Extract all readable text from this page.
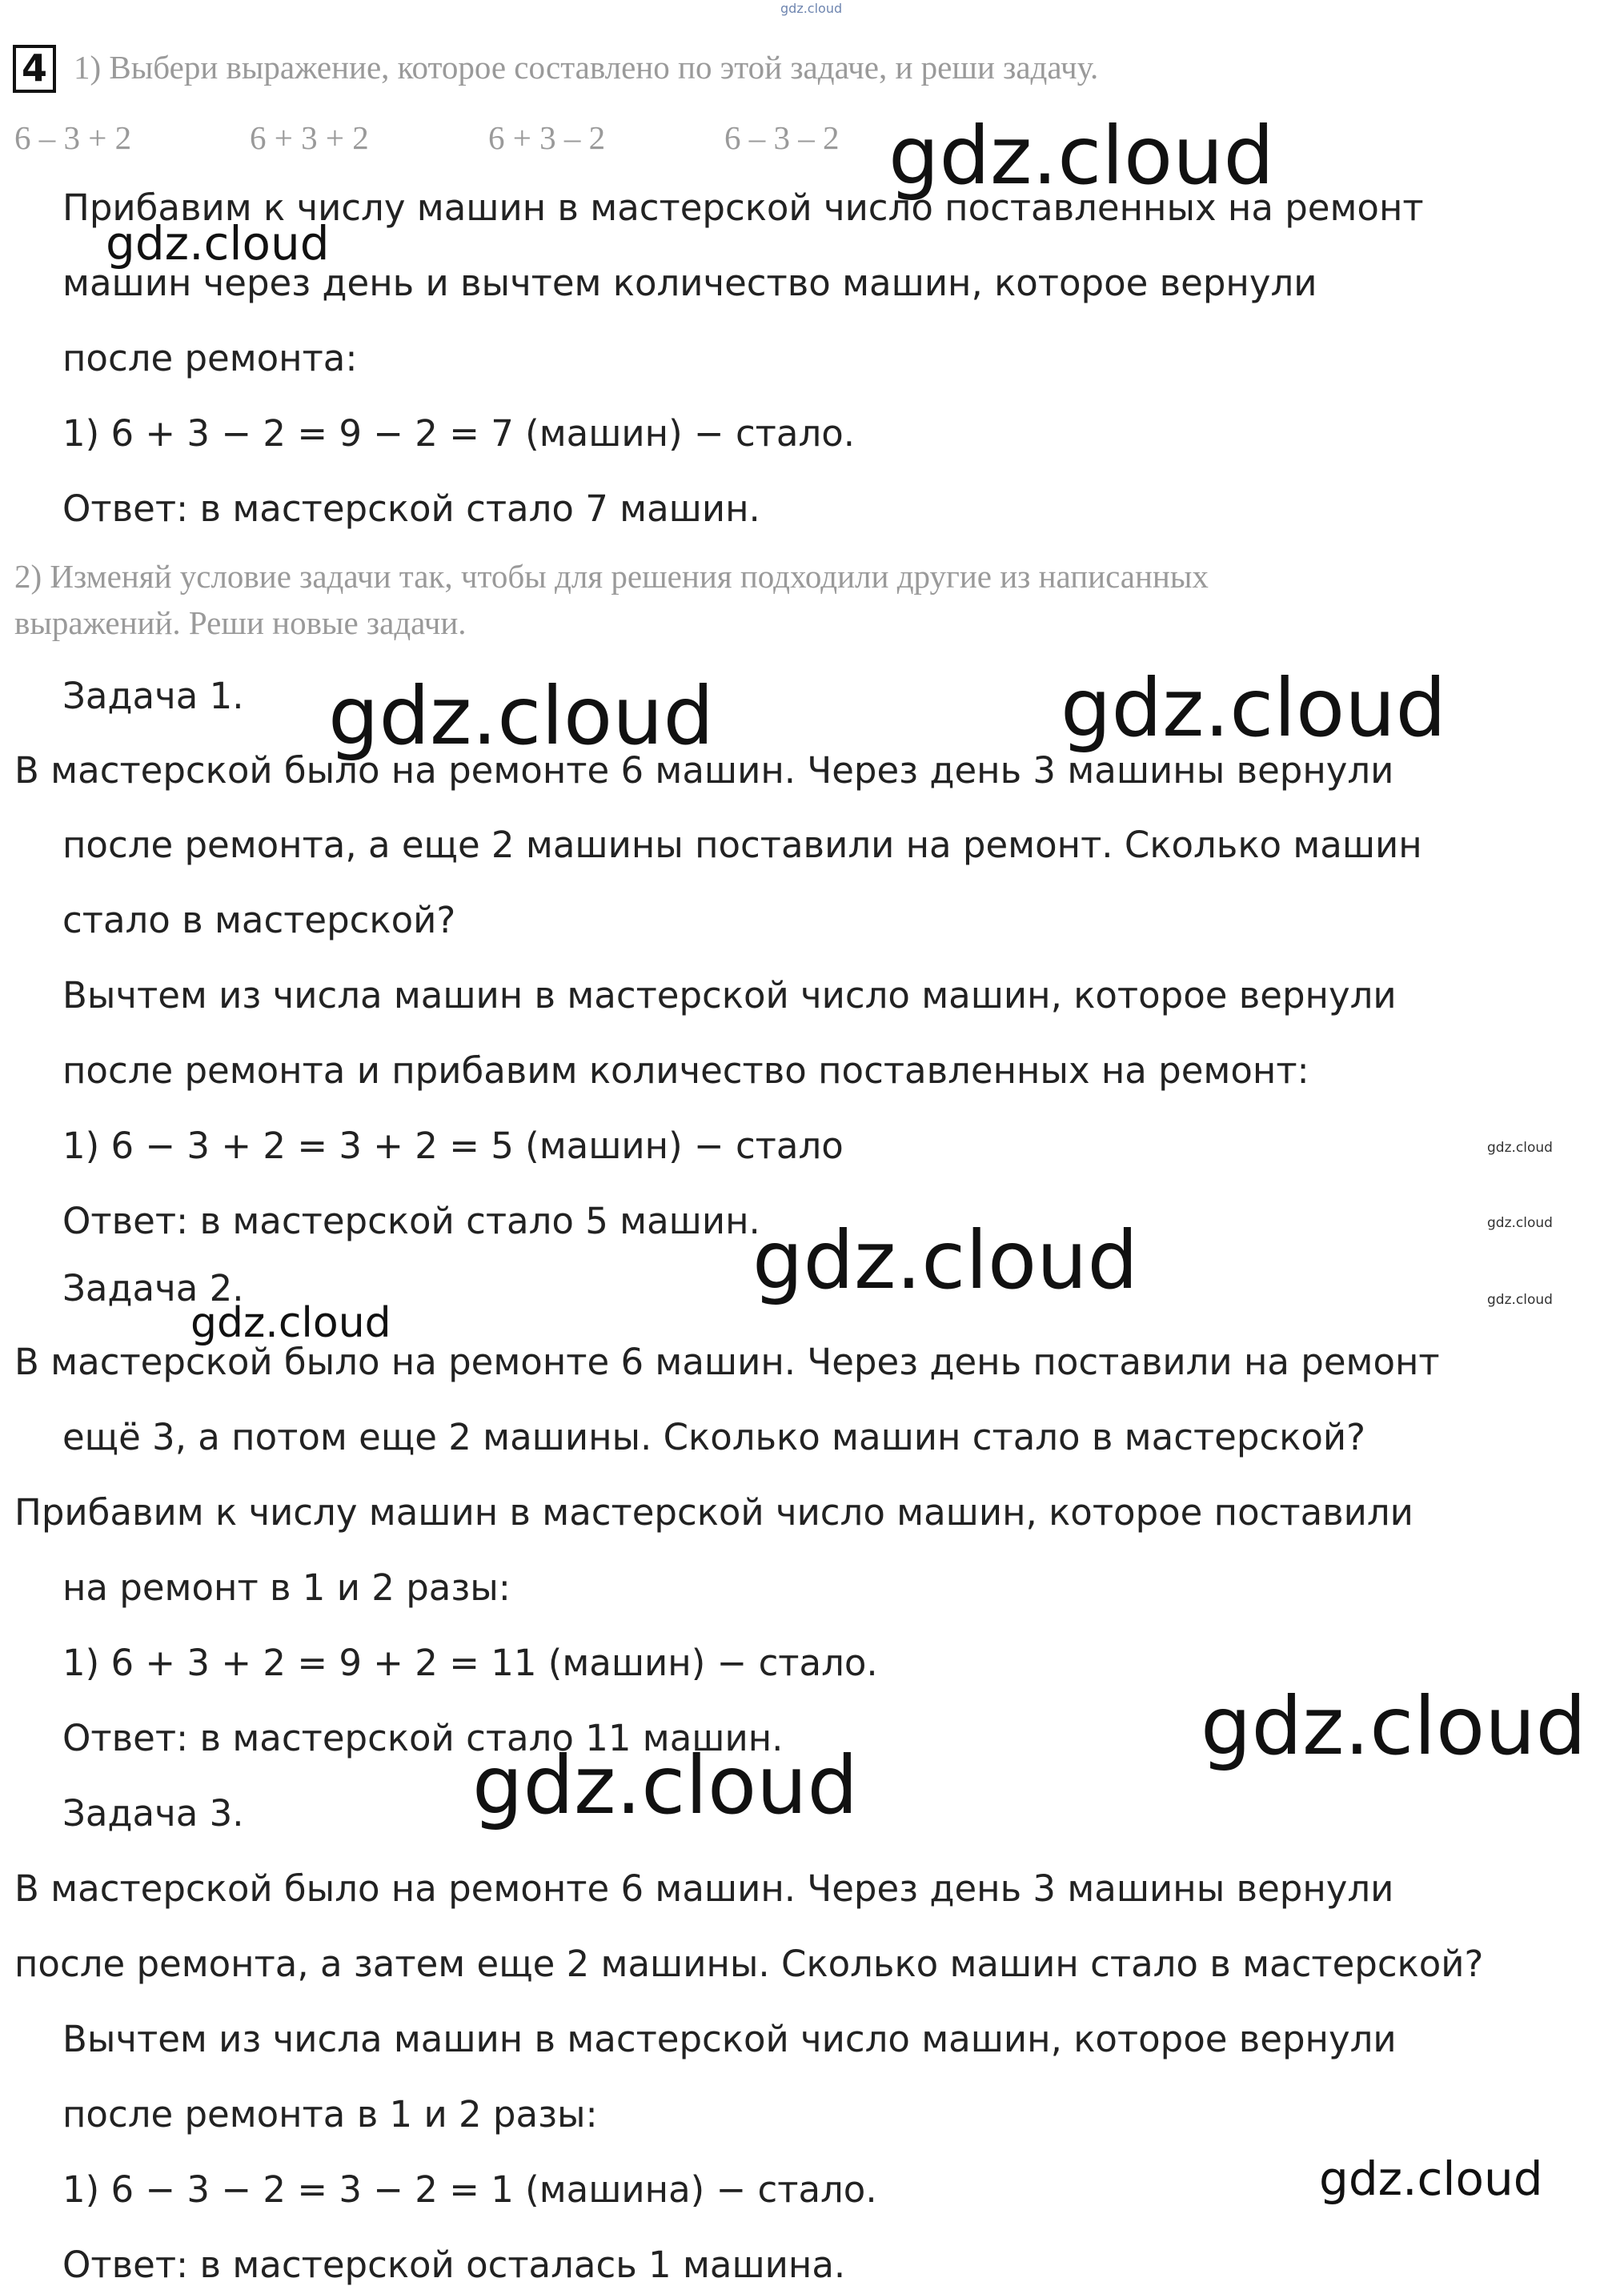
gdz.cloud
4 1) Выбери выражение, которое составлено по этой задаче, и реши задачу.
6 – 3 + 2	6 + 3 + 2	6 + 3 – 2	6 – 3 – 2
Прибавим к числу машин в мастерской число поставленных на ремонт
машин через день и вычтем количество машин, которое вернули
после ремонта:
1) 6 + 3 − 2 = 9 − 2 = 7 (машин) − стало.
Ответ: в мастерской стало 7 машин.
2) Изменяй условие задачи так, чтобы для решения подходили другие из написанных
выражений. Реши новые задачи.
Задача 1.
В мастерской было на ремонте 6 машин. Через день 3 машины вернули
после ремонта, а еще 2 машины поставили на ремонт. Сколько машин
стало в мастерской?
Вычтем из числа машин в мастерской число машин, которое вернули
после ремонта и прибавим количество поставленных на ремонт:
1) 6 − 3 + 2 = 3 + 2 = 5 (машин) − стало
Ответ: в мастерской стало 5 машин.
Задача 2.
В мастерской было на ремонте 6 машин. Через день поставили на ремонт
ещё 3, а потом еще 2 машины. Сколько машин стало в мастерской?
Прибавим к числу машин в мастерской число машин, которое поставили
на ремонт в 1 и 2 разы:
1) 6 + 3 + 2 = 9 + 2 = 11 (машин) − стало.
Ответ: в мастерской стало 11 машин.
Задача 3.
В мастерской было на ремонте 6 машин. Через день 3 машины вернули
после ремонта, а затем еще 2 машины. Сколько машин стало в мастерской?
Вычтем из числа машин в мастерской число машин, которое вернули
после ремонта в 1 и 2 разы:
1) 6 − 3 − 2 = 3 − 2 = 1 (машина) − стало.
Ответ: в мастерской осталась 1 машина.
gdz.cloud
gdz.cloud
gdz.cloud	gdz.cloud
gdz.cloud
gdz.cloud
gdz.cloud
gdz.cloud
gdz.cloud
gdz.cloud
gdz.cloud
gdz.cloud
